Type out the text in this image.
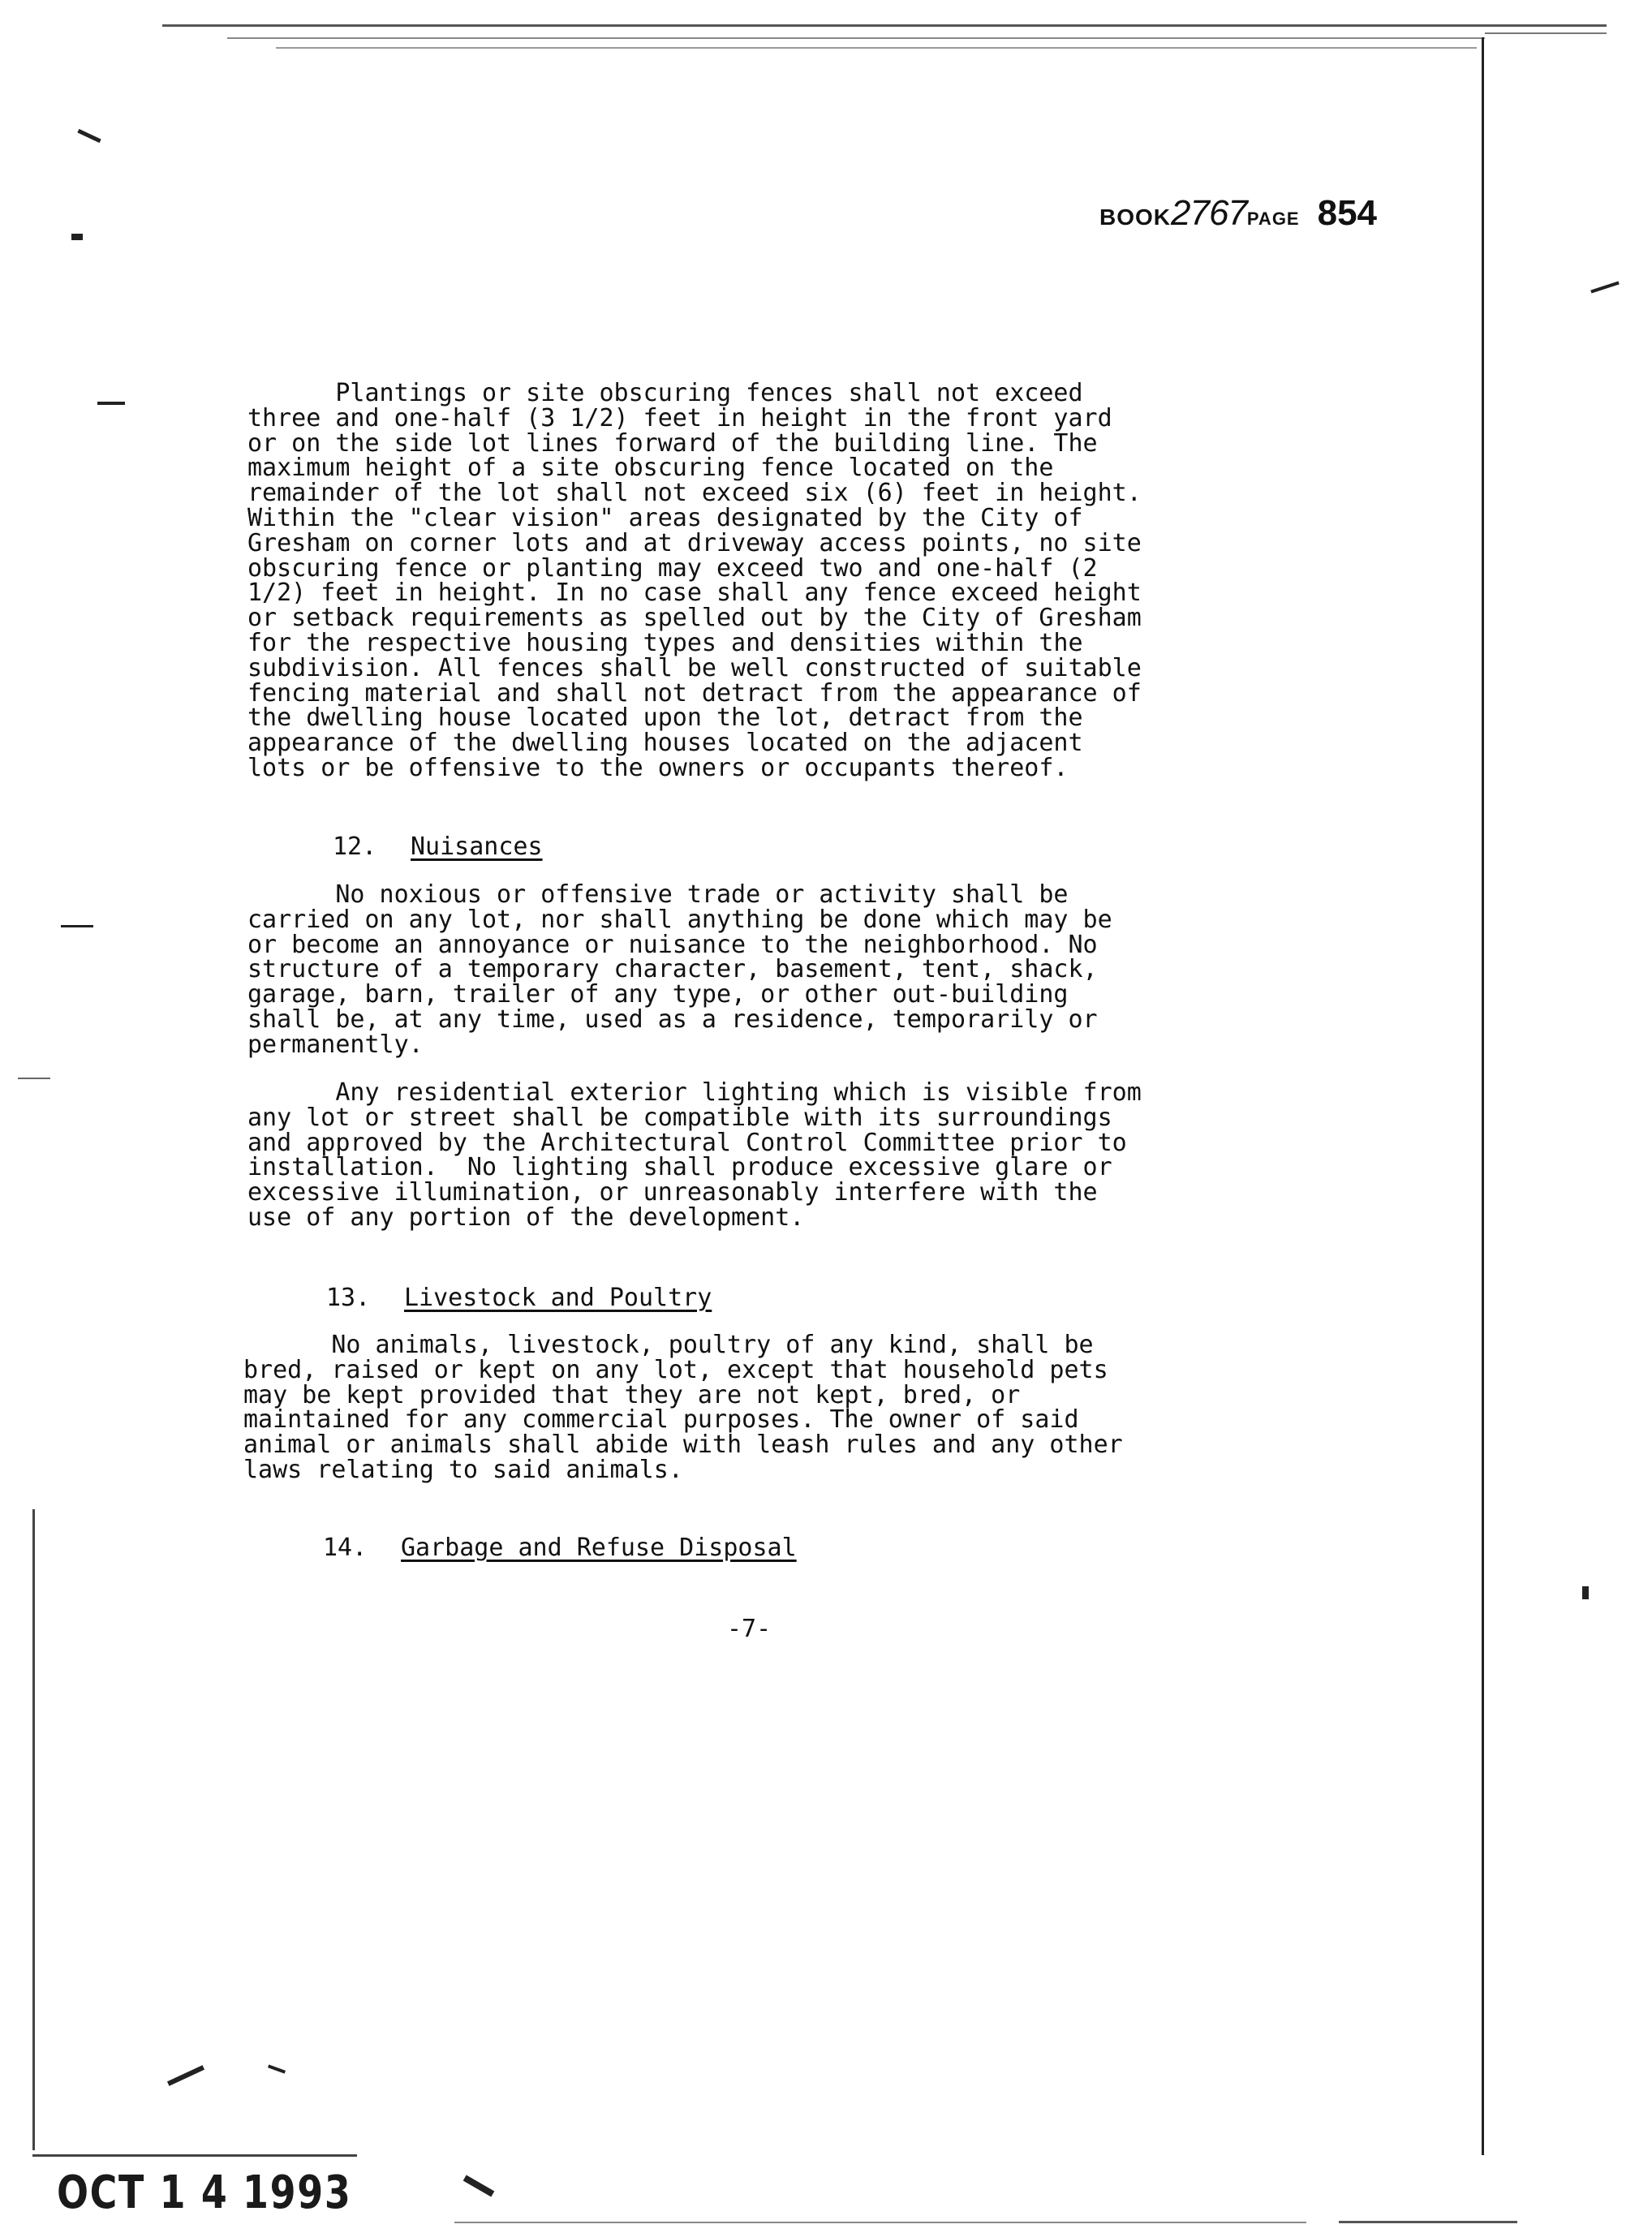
BOOK2767PAGE 854

Plantings or site obscuring fences shall not exceed
three and one-half (3 1/2) feet in height in the front yard
or on the side lot lines forward of the building line. The
maximum height of a site obscuring fence located on the
remainder of the lot shall not exceed six (6) feet in height.
Within the "clear vision" areas designated by the City of
Gresham on corner lots and at driveway access points, no site
obscuring fence or planting may exceed two and one-half (2
1/2) feet in height. In no case shall any fence exceed height
or setback requirements as spelled out by the City of Gresham
for the respective housing types and densities within the
subdivision. All fences shall be well constructed of suitable
fencing material and shall not detract from the appearance of
the dwelling house located upon the lot, detract from the
appearance of the dwelling houses located on the adjacent
lots or be offensive to the owners or occupants thereof.

12. Nuisances

No noxious or offensive trade or activity shall be
carried on any lot, nor shall anything be done which may be
or become an annoyance or nuisance to the neighborhood. No
structure of a temporary character, basement, tent, shack,
garage, barn, trailer of any type, or other out-building
shall be, at any time, used as a residence, temporarily or
permanently.

Any residential exterior lighting which is visible from
any lot or street shall be compatible with its surroundings
and approved by the Architectural Control Committee prior to
installation.  No lighting shall produce excessive glare or
excessive illumination, or unreasonably interfere with the
use of any portion of the development.

13. Livestock and Poultry

No animals, livestock, poultry of any kind, shall be
bred, raised or kept on any lot, except that household pets
may be kept provided that they are not kept, bred, or
maintained for any commercial purposes. The owner of said
animal or animals shall abide with leash rules and any other
laws relating to said animals.

14. Garbage and Refuse Disposal
-7-
OCT 1 4 1993
